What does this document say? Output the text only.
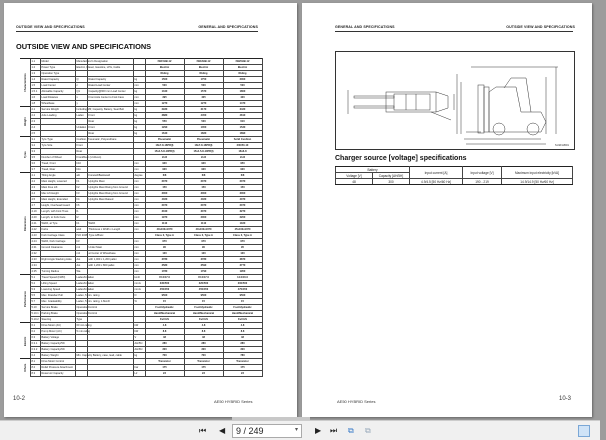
OUTSIDE VIEW AND SPECIFICATIONS	GENERAL AND SPECIFICATIONS
OUTSIDE VIEW AND SPECIFICATIONS
Characteristics	1.1	Model	Manufacturer's Designation			FB15HB-12	FB18HB-12	FB20HB-12
	1.2	Power Type	Electric, Diesel, Gasoline, LPG, Cable			Electric	Electric	Electric
	1.3	Operation Type				Riding	Riding	Riding
	1.4	Rated Capacity	Q	Rated Capacity	kg	1500	1750	2000
	1.5	Load Center	c	Rated Load Center	mm	500	500	500
	1.5.1	Allowable Capacity	Q1	Capacity@600 mm Load Center	kg	1340	1570	1800
	1.6	Load Distance	x	Front Axle Center to Fork Face	mm	395	405	420
	1.8	Wheelbase	y		mm	1270	1270	1470
Weight	2.1	Service Weight	Including Mfr, Capacity, Battery, Seat Belt		kg	2930	3170	3420
	2.2	Axle Loading	Laden	Front	kg	3880	4450	4810
	2.3			Rear	kg	550	520	610
	2.4		Unladen	Front	kg	1290	1350	1530
	2.5			Rear	kg	1640	1820	1890
Tyres	3.1	Tyre Type	Cushion, Pneumatic, Polyurethane			Pneumatic	Pneumatic	Solid Cushion
	3.2	Tyre Size	Front			18x7-8-16PR(I)	18x7-8-16PR(I)	200/50-10
	3.3		Rear			15x4.5-8-10PR(I)	15x4.5-8-10PR(I)	16x6-8
	3.5	Number of Wheel	Front/Rear (x=driven)			2x/2	2x/2	2x/2
	3.6	Tread, Front	b10		mm	920	920	950
	3.7	Tread, Rear	b11		mm	900	900	900
Dimensions	4.1	Tilting Angle	a/b	Forward/Backward	degree	6/8	6/8	6/8
	4.2	Mast Height, Lowered	h1	Uprights Mast	mm	2070	2070	2070
	4.3	Mast Free Lift	h2	Uprights Mast Rising from Ground	mm	150	150	150
	4.4	Max Lift Height	h3	Uprights Mast Rising from Ground	mm	3000	3000	3000
	4.5	Mast Height, Extended	h4	Uprights Mast Raised	mm	4020	4020	4070
	4.7	Height, Overhead Guard	h6		mm	2070	2070	2070
	4.19	Length, with Fork Tines	l1		mm	3040	3070	3270
	4.20	Length, to Fork Face	l2		mm	1970	2000	2200
	4.21	Width, at Tyre	b1	Width	mm	1110	1110	1180
	4.22	Forks	s/e/l	Thickness x Width x Length	mm	40x100x1070	40x100x1070	45x100x1070
	4.23	Fork Carriage Class	ISO 2328, Type A/B/etc			Class 2, Type A	Class 2, Type A	Class 2, Type A
	4.24	Width, Fork Carriage	b3		mm	970	970	970
	4.31	Ground Clearance	m1	Under Mast	mm	90	90	95
	4.32		m2	at Center of Wheelbase	mm	120	120	120
	4.33	Right Angle Stacking Aisle	Ast	with 1,000 x 1,200 pallet	mm	3780	3780	3870
	4.34		Ast	with 1,200 x 800 pallet	mm	3580	3590	3770
	4.35	Turning Radius	Wa		mm	1780	1790	1950
Performance	5.1	Travel Speed (FWD)	Laden/Unladen		km/h	15.0/17.0	15.0/17.0	14.0/16.0
	5.2	Lifting Speed	Laden/Unladen		mm/s	330/500	320/500	300/500
	5.3	Lowering Speed	Laden/Unladen		mm/s	450/450	450/450	470/450
	5.5	Max. Drawbar Pull	Laden, 5 min. rating		N	9500	9500	9500
	5.7	Max. Gradeability	Laden, 5 min. rating, 1.6km/h		%	15	15	15
	5.10	Service Brake	Operation/Control			Foot/Hydraulic	Foot/Hydraulic	Foot/Hydraulic
	5.10.1	Parking Brake	Operation/Control			Hand/Mechanical	Hand/Mechanical	Hand/Mechanical
	5.10.2	Steering	Type			Full HS	Full HS	Full HS
Electric	6.1	Drive Motor (AC)	60 min.rating		kW	4.8	4.8	4.8
	6.2	Pump Motor (AC)	5 min.rating		kW	8.8	8.8	8.8
	6.3	Battery Voltage			V	48	48	48
	6.3.1	Battery Capacity/5hr			AH/5hr	280	280	280
	6.3.2	Battery Capacity/6hr			AH/6hr	300	300	300
	6.4	Battery Weight	Min. Capacity Battery, case, lead, cable		kg	700	700	780
Others	8.1	Drive Motor Control				Transistor	Transistor	Transistor
	8.2	Relief Pressure Attachment			bar	175	175	175
	8.3	Reservoir Capacity			Ltr	23	23	23
10-2	AE50 HYBRID Series
GENERAL AND SPECIFICATIONS	OUTSIDE VIEW AND SPECIFICATIONS
SU2FHB01
Charger source [voltage] specifications
Battery		Input current [A]	Input voltage [V]	Maximum input electricity [kVA]
Voltage [V]	Capacity [AH/5H]			
48	300	4.9/4.5 [50 Hz/60 Hz]	190 - 219	14.9/14.9 [50 Hz/60 Hz]
AE50 HYBRID Series	10-3
⏮ ◀	9 / 249	▾ ▶ ⏭ ⧉ ⧉
